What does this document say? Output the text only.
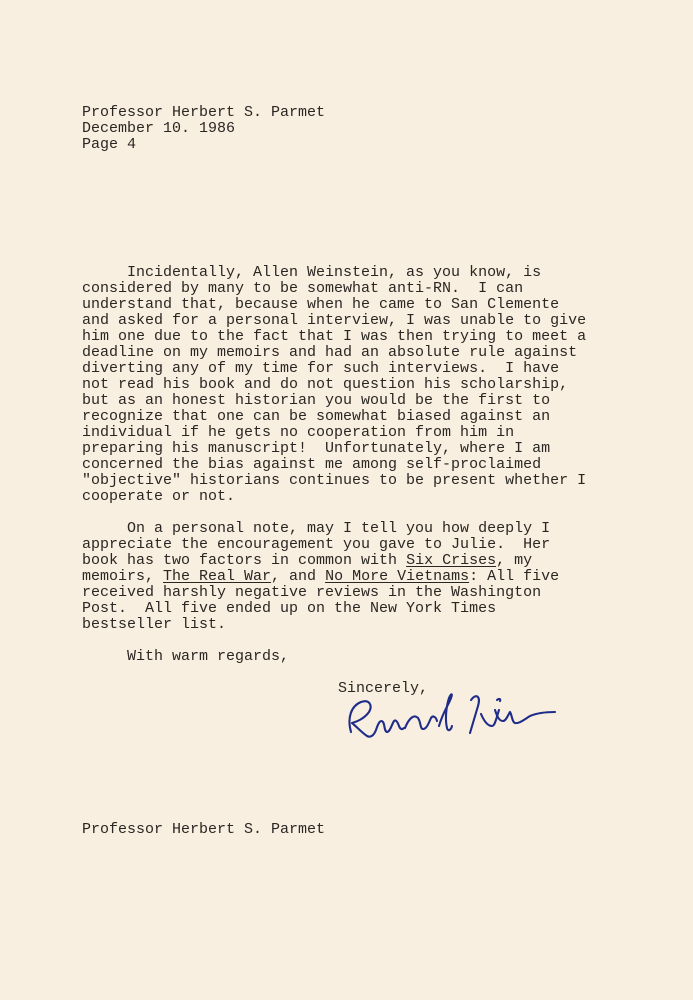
Professor Herbert S. Parmet
December 10. 1986
Page 4
Incidentally, Allen Weinstein, as you know, is
considered by many to be somewhat anti-RN.  I can
understand that, because when he came to San Clemente
and asked for a personal interview, I was unable to give
him one due to the fact that I was then trying to meet a
deadline on my memoirs and had an absolute rule against
diverting any of my time for such interviews.  I have
not read his book and do not question his scholarship,
but as an honest historian you would be the first to
recognize that one can be somewhat biased against an
individual if he gets no cooperation from him in
preparing his manuscript!  Unfortunately, where I am
concerned the bias against me among self-proclaimed
"objective" historians continues to be present whether I
cooperate or not.
On a personal note, may I tell you how deeply I
appreciate the encouragement you gave to Julie.  Her
book has two factors in common with Six Crises, my
memoirs, The Real War, and No More Vietnams: All five
received harshly negative reviews in the Washington
Post.  All five ended up on the New York Times
bestseller list.
With warm regards,
Sincerely,
Professor Herbert S. Parmet
